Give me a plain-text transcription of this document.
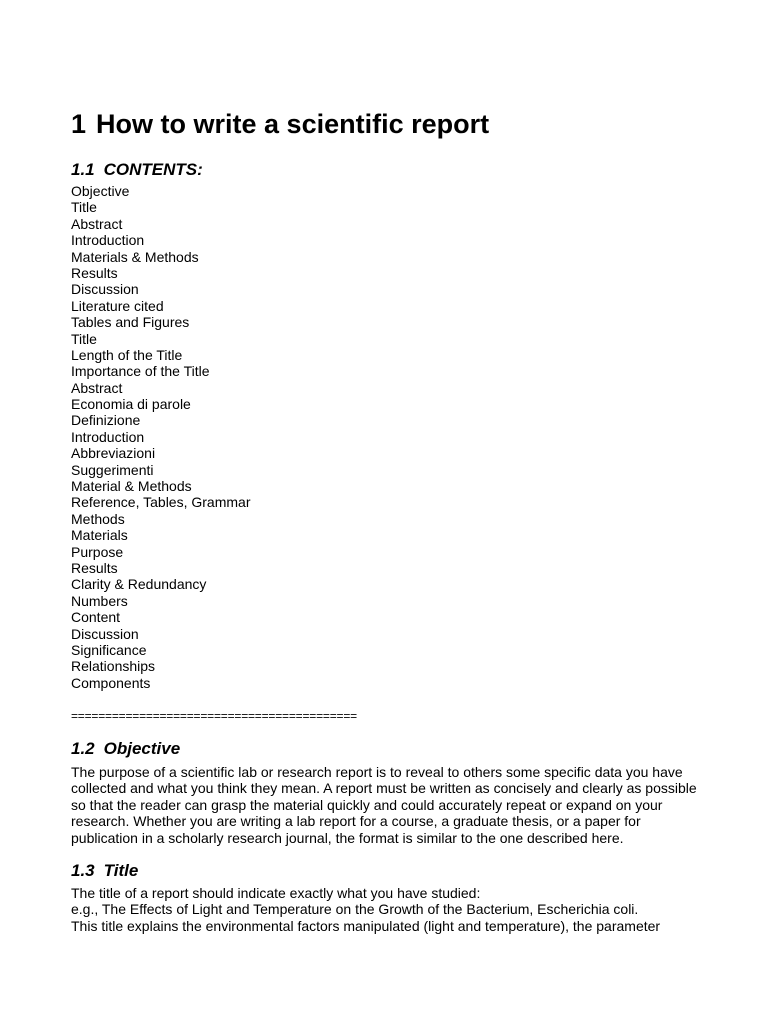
1 How to write a scientific report
1.1 CONTENTS:
Objective
Title
Abstract
Introduction
Materials & Methods
Results
Discussion
Literature cited
Tables and Figures
Title
Length of the Title
Importance of the Title
Abstract
Economia di parole
Definizione
Introduction
Abbreviazioni
Suggerimenti
Material & Methods
Reference, Tables, Grammar
Methods
Materials
Purpose
Results
Clarity & Redundancy
Numbers
Content
Discussion
Significance
Relationships
Components
==========================================
1.2 Objective

The purpose of a scientific lab or research report is to reveal to others some specific data you have
collected and what you think they mean. A report must be written as concisely and clearly as possible
so that the reader can grasp the material quickly and could accurately repeat or expand on your
research. Whether you are writing a lab report for a course, a graduate thesis, or a paper for
publication in a scholarly research journal, the format is similar to the one described here.

1.3 Title

The title of a report should indicate exactly what you have studied:
e.g., The Effects of Light and Temperature on the Growth of the Bacterium, Escherichia coli.
This title explains the environmental factors manipulated (light and temperature), the parameter
